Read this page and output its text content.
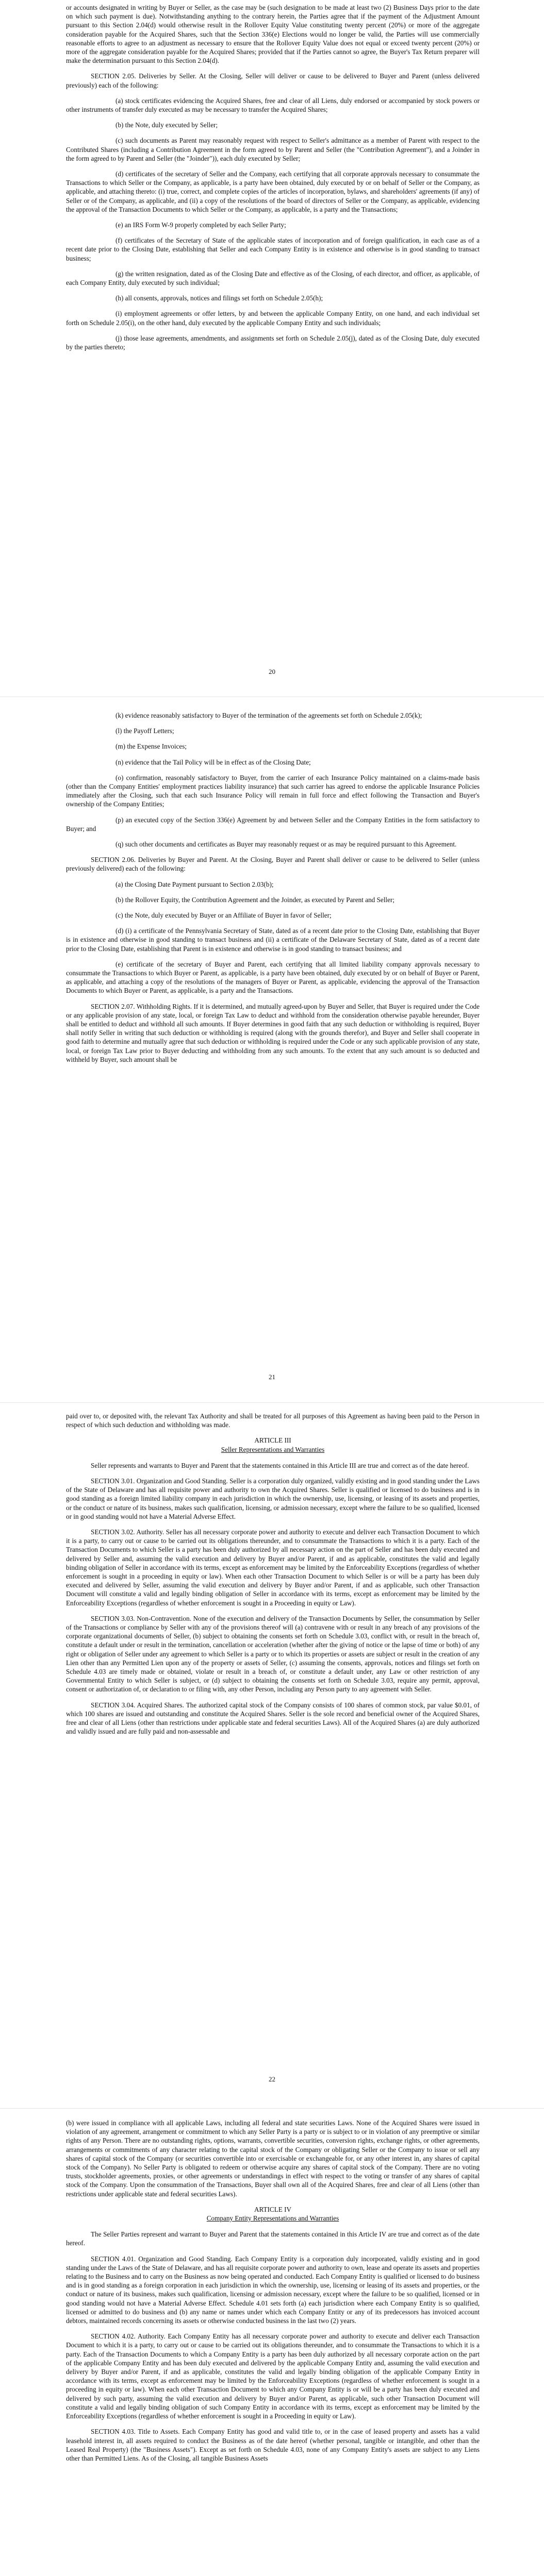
or accounts designated in writing by Buyer or Seller, as the case may be (such designation to be made at least two (2) Business Days prior to the date on which such payment is due). Notwithstanding anything to the contrary herein, the Parties agree that if the payment of the Adjustment Amount pursuant to this Section 2.04(d) would otherwise result in the Rollover Equity Value constituting twenty percent (20%) or more of the aggregate consideration payable for the Acquired Shares, such that the Section 336(e) Elections would no longer be valid, the Parties will use commercially reasonable efforts to agree to an adjustment as necessary to ensure that the Rollover Equity Value does not equal or exceed twenty percent (20%) or more of the aggregate consideration payable for the Acquired Shares; provided that if the Parties cannot so agree, the Buyer's Tax Return preparer will make the determination pursuant to this Section 2.04(d).

SECTION 2.05. Deliveries by Seller. At the Closing, Seller will deliver or cause to be delivered to Buyer and Parent (unless delivered previously) each of the following:

(a) stock certificates evidencing the Acquired Shares, free and clear of all Liens, duly endorsed or accompanied by stock powers or other instruments of transfer duly executed as may be necessary to transfer the Acquired Shares;

(b) the Note, duly executed by Seller;

(c) such documents as Parent may reasonably request with respect to Seller's admittance as a member of Parent with respect to the Contributed Shares (including a Contribution Agreement in the form agreed to by Parent and Seller (the "Contribution Agreement"), and a Joinder in the form agreed to by Parent and Seller (the "Joinder")), each duly executed by Seller;

(d) certificates of the secretary of Seller and the Company, each certifying that all corporate approvals necessary to consummate the Transactions to which Seller or the Company, as applicable, is a party have been obtained, duly executed by or on behalf of Seller or the Company, as applicable, and attaching thereto: (i) true, correct, and complete copies of the articles of incorporation, bylaws, and shareholders' agreements (if any) of Seller or of the Company, as applicable, and (ii) a copy of the resolutions of the board of directors of Seller or the Company, as applicable, evidencing the approval of the Transaction Documents to which Seller or the Company, as applicable, is a party and the Transactions;

(e) an IRS Form W-9 properly completed by each Seller Party;

(f) certificates of the Secretary of State of the applicable states of incorporation and of foreign qualification, in each case as of a recent date prior to the Closing Date, establishing that Seller and each Company Entity is in existence and otherwise is in good standing to transact business;

(g) the written resignation, dated as of the Closing Date and effective as of the Closing, of each director, and officer, as applicable, of each Company Entity, duly executed by such individual;

(h) all consents, approvals, notices and filings set forth on Schedule 2.05(h);

(i) employment agreements or offer letters, by and between the applicable Company Entity, on one hand, and each individual set forth on Schedule 2.05(i), on the other hand, duly executed by the applicable Company Entity and such individuals;

(j) those lease agreements, amendments, and assignments set forth on Schedule 2.05(j), dated as of the Closing Date, duly executed by the parties thereto;

20

(k) evidence reasonably satisfactory to Buyer of the termination of the agreements set forth on Schedule 2.05(k);

(l) the Payoff Letters;

(m) the Expense Invoices;

(n) evidence that the Tail Policy will be in effect as of the Closing Date;

(o) confirmation, reasonably satisfactory to Buyer, from the carrier of each Insurance Policy maintained on a claims-made basis (other than the Company Entities' employment practices liability insurance) that such carrier has agreed to endorse the applicable Insurance Policies immediately after the Closing, such that each such Insurance Policy will remain in full force and effect following the Transaction and Buyer's ownership of the Company Entities;

(p) an executed copy of the Section 336(e) Agreement by and between Seller and the Company Entities in the form satisfactory to Buyer; and

(q) such other documents and certificates as Buyer may reasonably request or as may be required pursuant to this Agreement.

SECTION 2.06. Deliveries by Buyer and Parent. At the Closing, Buyer and Parent shall deliver or cause to be delivered to Seller (unless previously delivered) each of the following:

(a) the Closing Date Payment pursuant to Section 2.03(b);

(b) the Rollover Equity, the Contribution Agreement and the Joinder, as executed by Parent and Seller;

(c) the Note, duly executed by Buyer or an Affiliate of Buyer in favor of Seller;

(d) (i) a certificate of the Pennsylvania Secretary of State, dated as of a recent date prior to the Closing Date, establishing that Buyer is in existence and otherwise in good standing to transact business and (ii) a certificate of the Delaware Secretary of State, dated as of a recent date prior to the Closing Date, establishing that Parent is in existence and otherwise is in good standing to transact business; and

(e) certificate of the secretary of Buyer and Parent, each certifying that all limited liability company approvals necessary to consummate the Transactions to which Buyer or Parent, as applicable, is a party have been obtained, duly executed by or on behalf of Buyer or Parent, as applicable, and attaching a copy of the resolutions of the managers of Buyer or Parent, as applicable, evidencing the approval of the Transaction Documents to which Buyer or Parent, as applicable, is a party and the Transactions.

SECTION 2.07. Withholding Rights. If it is determined, and mutually agreed-upon by Buyer and Seller, that Buyer is required under the Code or any applicable provision of any state, local, or foreign Tax Law to deduct and withhold from the consideration otherwise payable hereunder, Buyer shall be entitled to deduct and withhold all such amounts. If Buyer determines in good faith that any such deduction or withholding is required, Buyer shall notify Seller in writing that such deduction or withholding is required (along with the grounds therefor), and Buyer and Seller shall cooperate in good faith to determine and mutually agree that such deduction or withholding is required under the Code or any such applicable provision of any state, local, or foreign Tax Law prior to Buyer deducting and withholding from any such amounts. To the extent that any such amount is so deducted and withheld by Buyer, such amount shall be

21

paid over to, or deposited with, the relevant Tax Authority and shall be treated for all purposes of this Agreement as having been paid to the Person in respect of which such deduction and withholding was made.

ARTICLE III

Seller Representations and Warranties

Seller represents and warrants to Buyer and Parent that the statements contained in this Article III are true and correct as of the date hereof.

SECTION 3.01. Organization and Good Standing. Seller is a corporation duly organized, validly existing and in good standing under the Laws of the State of Delaware and has all requisite power and authority to own the Acquired Shares. Seller is qualified or licensed to do business and is in good standing as a foreign limited liability company in each jurisdiction in which the ownership, use, licensing, or leasing of its assets and properties, or the conduct or nature of its business, makes such qualification, licensing, or admission necessary, except where the failure to be so qualified, licensed or in good standing would not have a Material Adverse Effect.

SECTION 3.02. Authority. Seller has all necessary corporate power and authority to execute and deliver each Transaction Document to which it is a party, to carry out or cause to be carried out its obligations thereunder, and to consummate the Transactions to which it is a party. Each of the Transaction Documents to which Seller is a party has been duly authorized by all necessary action on the part of Seller and has been duly executed and delivered by Seller and, assuming the valid execution and delivery by Buyer and/or Parent, if and as applicable, constitutes the valid and legally binding obligation of Seller in accordance with its terms, except as enforcement may be limited by the Enforceability Exceptions (regardless of whether enforcement is sought in a proceeding in equity or law). When each other Transaction Document to which Seller is or will be a party has been duly executed and delivered by Seller, assuming the valid execution and delivery by Buyer and/or Parent, if and as applicable, such other Transaction Document will constitute a valid and legally binding obligation of Seller in accordance with its terms, except as enforcement may be limited by the Enforceability Exceptions (regardless of whether enforcement is sought in a Proceeding in equity or Law).

SECTION 3.03. Non-Contravention. None of the execution and delivery of the Transaction Documents by Seller, the consummation by Seller of the Transactions or compliance by Seller with any of the provisions thereof will (a) contravene with or result in any breach of any provisions of the corporate organizational documents of Seller, (b) subject to obtaining the consents set forth on Schedule 3.03, conflict with, or result in the breach of, constitute a default under or result in the termination, cancellation or acceleration (whether after the giving of notice or the lapse of time or both) of any right or obligation of Seller under any agreement to which Seller is a party or to which its properties or assets are subject or result in the creation of any Lien other than any Permitted Lien upon any of the property or assets of Seller, (c) assuming the consents, approvals, notices and filings set forth on Schedule 4.03 are timely made or obtained, violate or result in a breach of, or constitute a default under, any Law or other restriction of any Governmental Entity to which Seller is subject, or (d) subject to obtaining the consents set forth on Schedule 3.03, require any permit, approval, consent or authorization of, or declaration to or filing with, any other Person, including any Person party to any agreement with Seller.

SECTION 3.04. Acquired Shares. The authorized capital stock of the Company consists of 100 shares of common stock, par value $0.01, of which 100 shares are issued and outstanding and constitute the Acquired Shares. Seller is the sole record and beneficial owner of the Acquired Shares, free and clear of all Liens (other than restrictions under applicable state and federal securities Laws). All of the Acquired Shares (a) are duly authorized and validly issued and are fully paid and non-assessable and

22

(b) were issued in compliance with all applicable Laws, including all federal and state securities Laws. None of the Acquired Shares were issued in violation of any agreement, arrangement or commitment to which any Seller Party is a party or is subject to or in violation of any preemptive or similar rights of any Person. There are no outstanding rights, options, warrants, convertible securities, conversion rights, exchange rights, or other agreements, arrangements or commitments of any character relating to the capital stock of the Company or obligating Seller or the Company to issue or sell any shares of capital stock of the Company (or securities convertible into or exercisable or exchangeable for, or any other interest in, any shares of capital stock of the Company). No Seller Party is obligated to redeem or otherwise acquire any shares of capital stock of the Company. There are no voting trusts, stockholder agreements, proxies, or other agreements or understandings in effect with respect to the voting or transfer of any shares of capital stock of the Company. Upon the consummation of the Transactions, Buyer shall own all of the Acquired Shares, free and clear of all Liens (other than restrictions under applicable state and federal securities Laws).

ARTICLE IV

Company Entity Representations and Warranties

The Seller Parties represent and warrant to Buyer and Parent that the statements contained in this Article IV are true and correct as of the date hereof.

SECTION 4.01. Organization and Good Standing. Each Company Entity is a corporation duly incorporated, validly existing and in good standing under the Laws of the State of Delaware, and has all requisite corporate power and authority to own, lease and operate its assets and properties relating to the Business and to carry on the Business as now being operated and conducted. Each Company Entity is qualified or licensed to do business and is in good standing as a foreign corporation in each jurisdiction in which the ownership, use, licensing or leasing of its assets and properties, or the conduct or nature of its business, makes such qualification, licensing or admission necessary, except where the failure to be so qualified, licensed or in good standing would not have a Material Adverse Effect. Schedule 4.01 sets forth (a) each jurisdiction where each Company Entity is so qualified, licensed or admitted to do business and (b) any name or names under which each Company Entity or any of its predecessors has invoiced account debtors, maintained records concerning its assets or otherwise conducted business in the last two (2) years.

SECTION 4.02. Authority. Each Company Entity has all necessary corporate power and authority to execute and deliver each Transaction Document to which it is a party, to carry out or cause to be carried out its obligations thereunder, and to consummate the Transactions to which it is a party. Each of the Transaction Documents to which a Company Entity is a party has been duly authorized by all necessary corporate action on the part of the applicable Company Entity and has been duly executed and delivered by the applicable Company Entity and, assuming the valid execution and delivery by Buyer and/or Parent, if and as applicable, constitutes the valid and legally binding obligation of the applicable Company Entity in accordance with its terms, except as enforcement may be limited by the Enforceability Exceptions (regardless of whether enforcement is sought in a proceeding in equity or law). When each other Transaction Document to which any Company Entity is or will be a party has been duly executed and delivered by such party, assuming the valid execution and delivery by Buyer and/or Parent, as applicable, such other Transaction Document will constitute a valid and legally binding obligation of such Company Entity in accordance with its terms, except as enforcement may be limited by the Enforceability Exceptions (regardless of whether enforcement is sought in a Proceeding in equity or Law).

SECTION 4.03. Title to Assets. Each Company Entity has good and valid title to, or in the case of leased property and assets has a valid leasehold interest in, all assets required to conduct the Business as of the date hereof (whether personal, tangible or intangible, and other than the Leased Real Property) (the "Business Assets"). Except as set forth on Schedule 4.03, none of any Company Entity's assets are subject to any Liens other than Permitted Liens. As of the Closing, all tangible Business Assets
